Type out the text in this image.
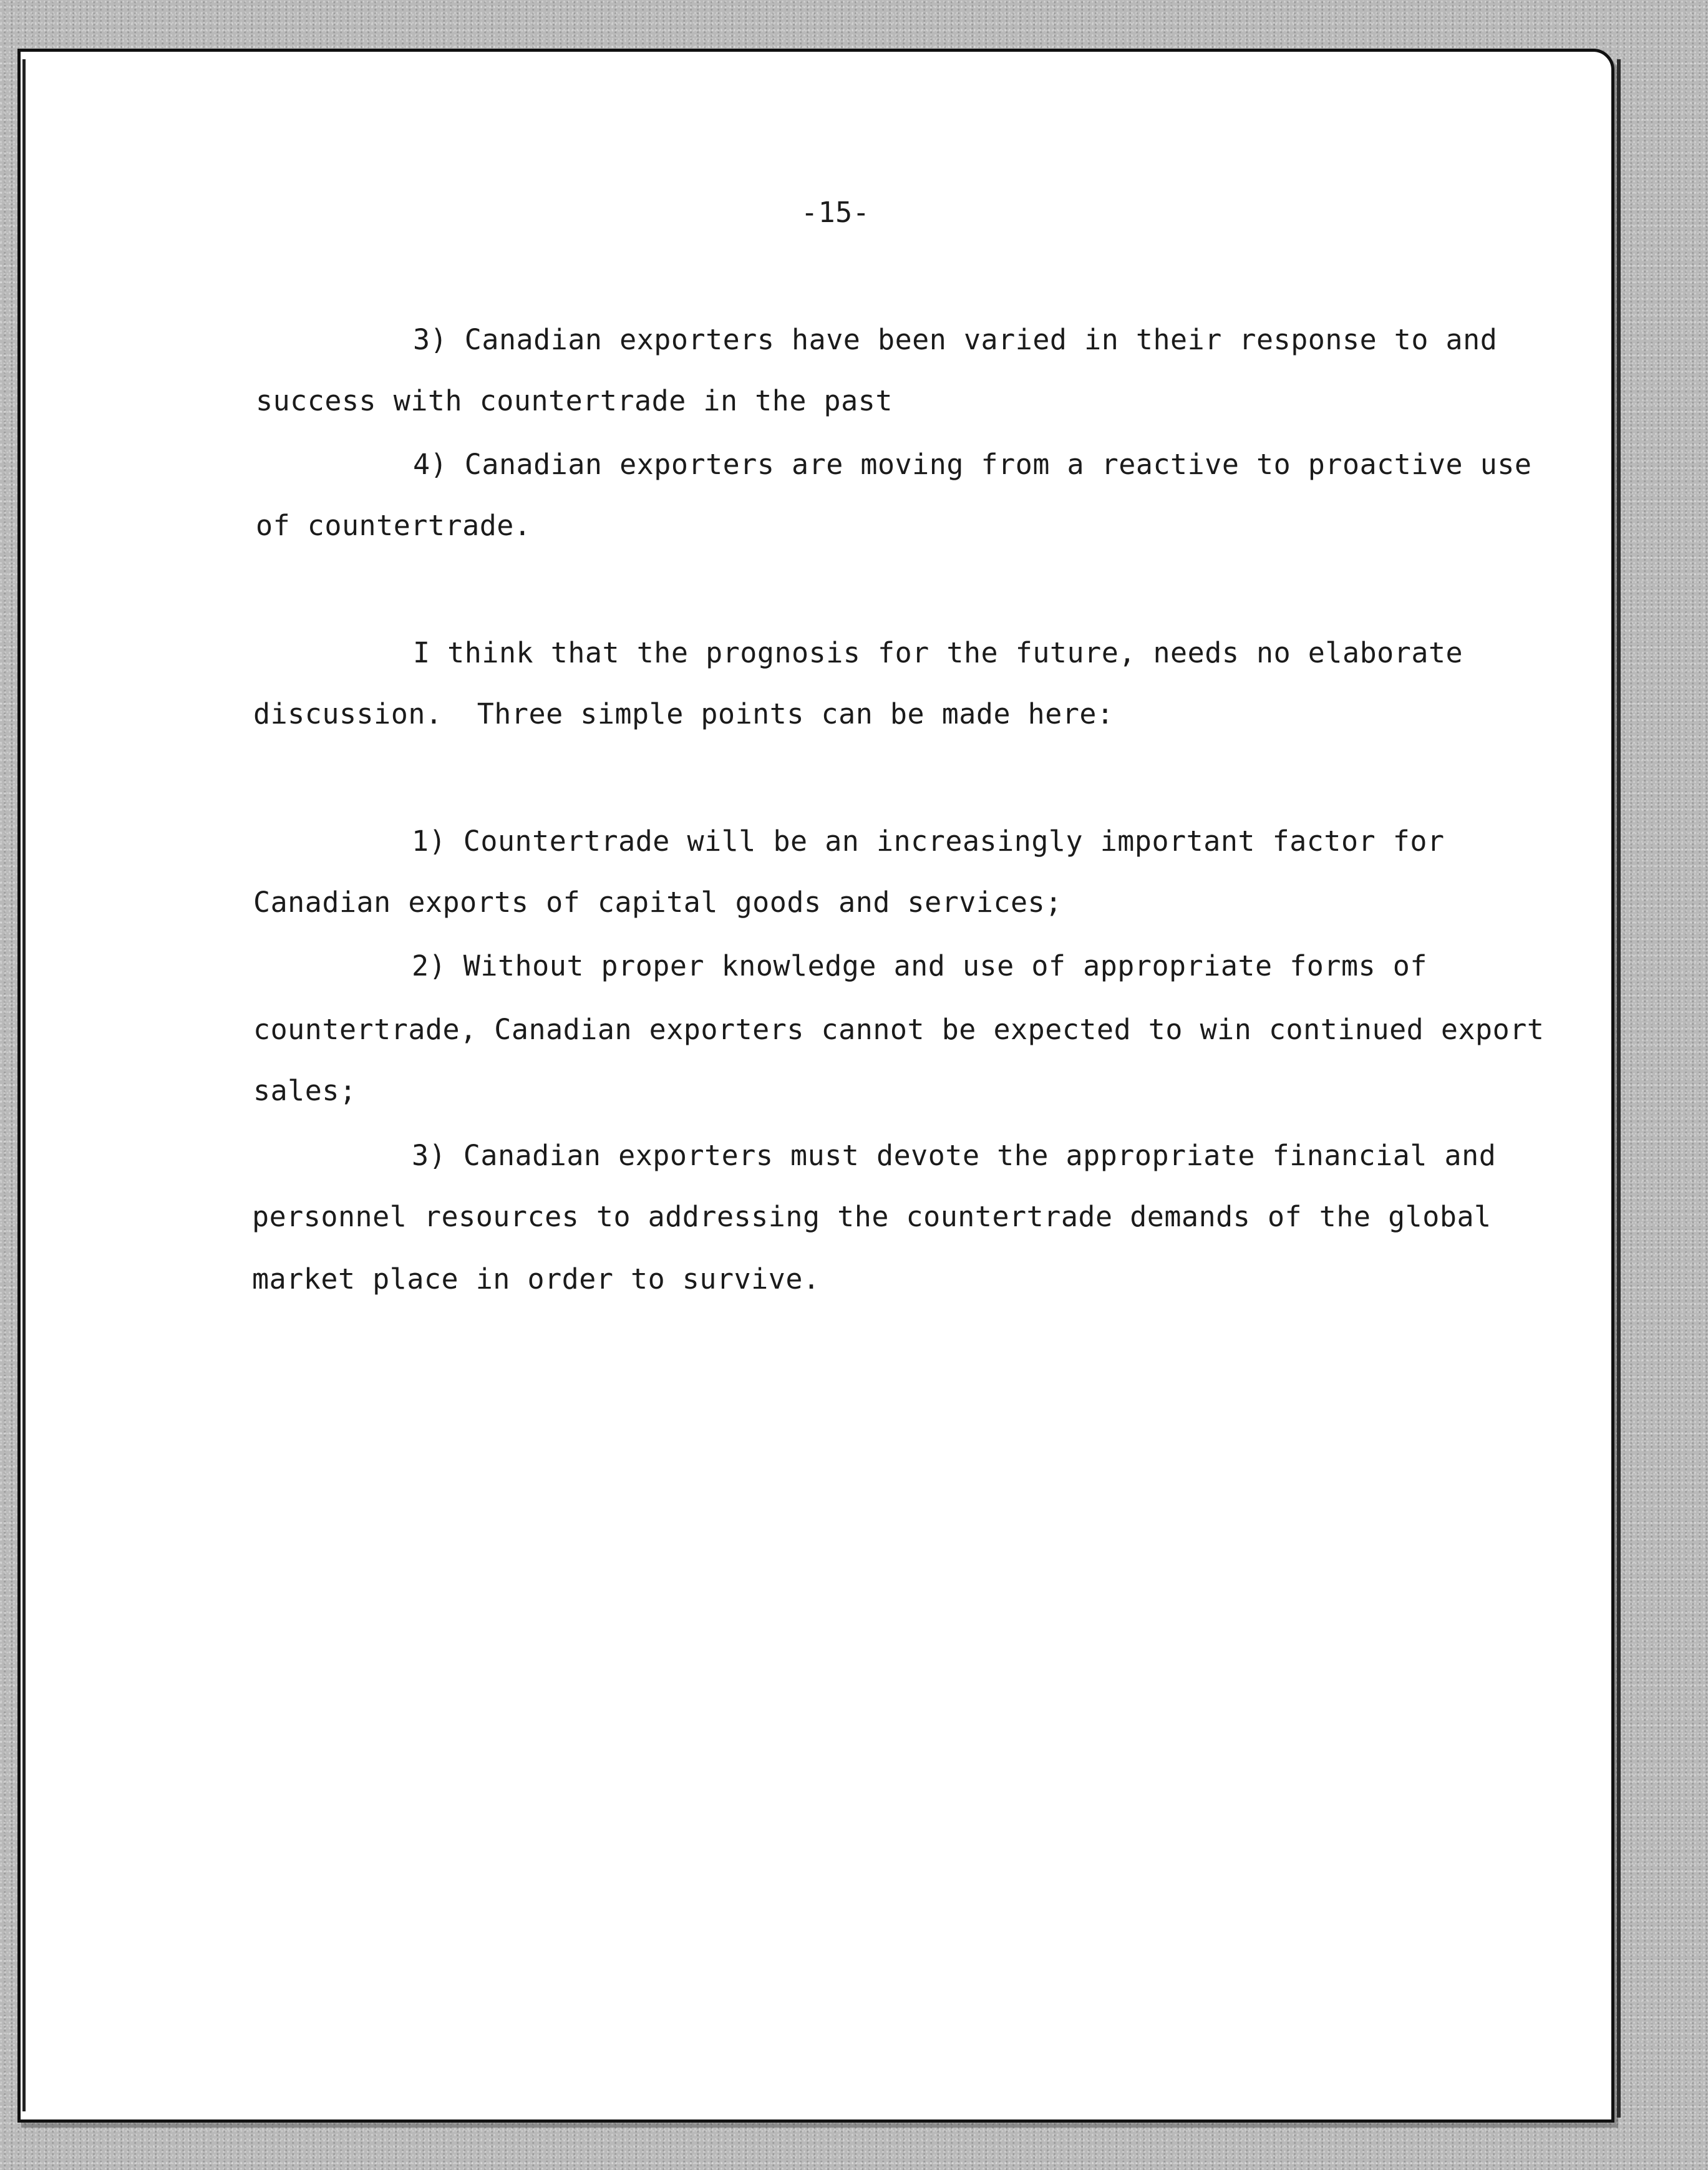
-15-
3) Canadian exporters have been varied in their response to and
success with countertrade in the past
4) Canadian exporters are moving from a reactive to proactive use
of countertrade.
I think that the prognosis for the future, needs no elaborate
discussion.  Three simple points can be made here:
1) Countertrade will be an increasingly important factor for
Canadian exports of capital goods and services;
2) Without proper knowledge and use of appropriate forms of
countertrade, Canadian exporters cannot be expected to win continued export
sales;
3) Canadian exporters must devote the appropriate financial and
personnel resources to addressing the countertrade demands of the global
market place in order to survive.
